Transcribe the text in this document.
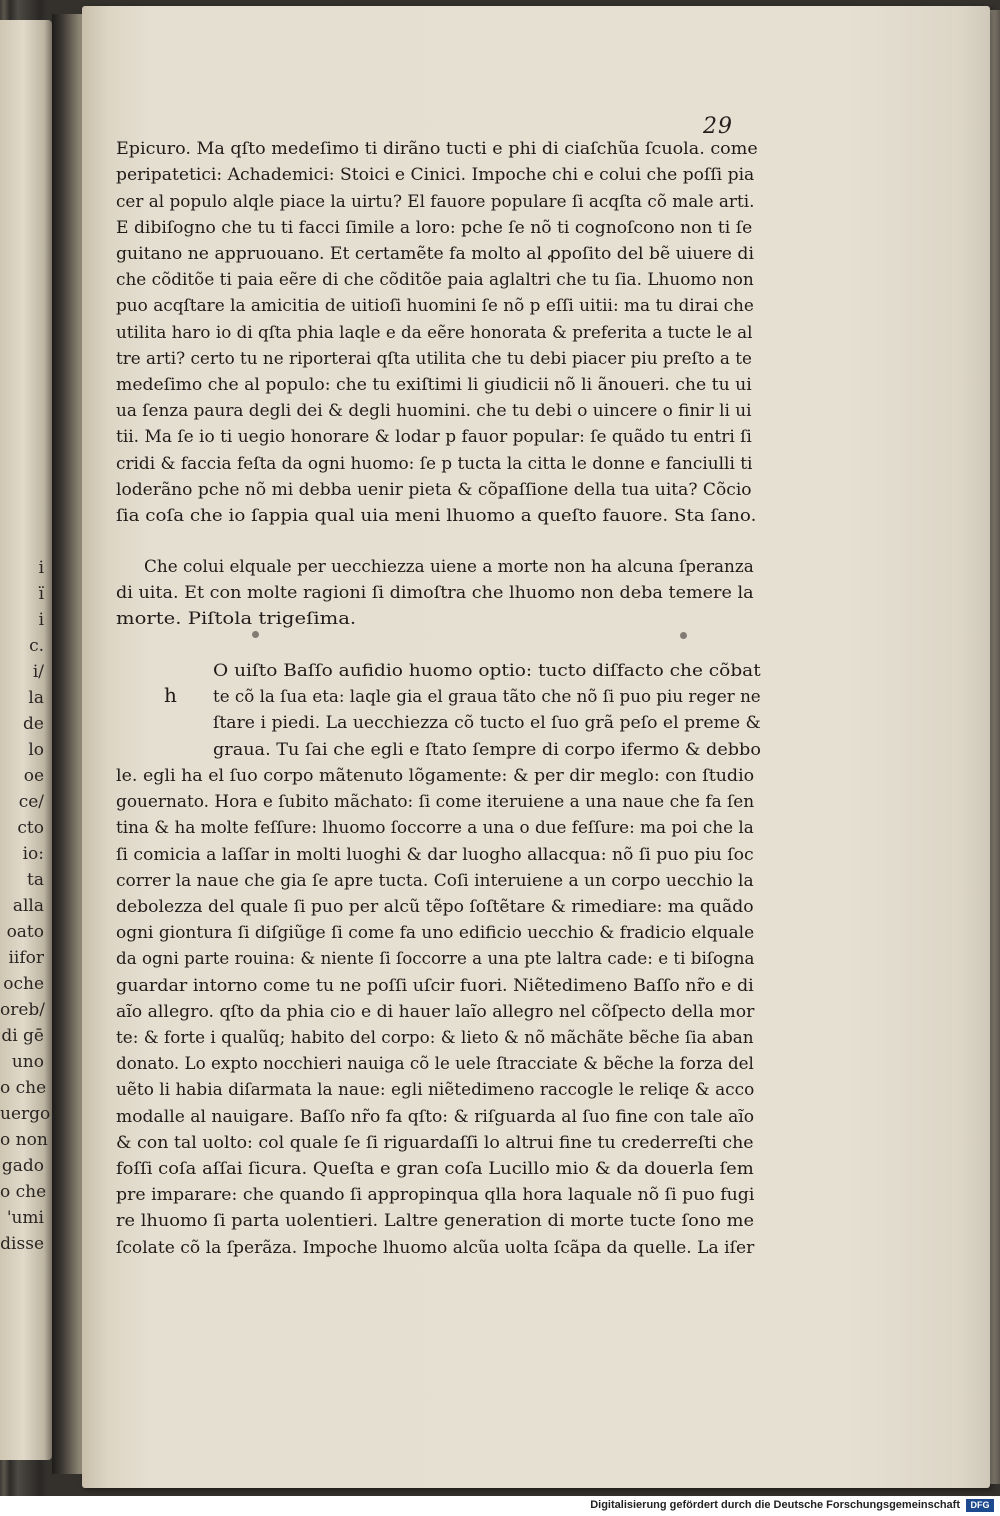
i
ï
i
c.
i/
la
de
lo
oe
ce/
cto
io:
ta
alla
oato
iifor
oche
oreb/
di gē
uno
o che
uergo
o non
gado
o che
'umi
disse
29
Epicuro. Ma qſto medeſimo ti dirãno tucti e phi di ciaſchũa ſcuola. come
peripatetici: Achademici: Stoici e Cinici. Impoche chi e colui che poſſi pia
cer al populo alqle piace la uirtu? El fauore populare ſi acqſta cõ male arti.
E dibiſogno che tu ti facci ſimile a loro: pche ſe nõ ti cognoſcono non ti ſe
guitano ne appruouano. Et certamẽte fa molto al ꝓpoſito del bẽ uiuere di
che cõditõe ti paia eẽre di che cõditõe paia aglaltri che tu ſia. Lhuomo non
puo acqſtare la amicitia de uitioſi huomini ſe nõ p eſſi uitii: ma tu dirai che
utilita haro io di qſta phia laqle e da eẽre honorata & preferita a tucte le al
tre arti? certo tu ne riporterai qſta utilita che tu debi piacer piu preſto a te
medeſimo che al populo: che tu exiſtimi li giudicii nõ li ãnoueri. che tu ui
ua ſenza paura degli dei & degli huomini. che tu debi o uincere o finir li ui
tii. Ma ſe io ti uegio honorare & lodar p fauor popular: ſe quãdo tu entri ſi
cridi & faccia feſta da ogni huomo: ſe p tucta la citta le donne e fanciulli ti
loderãno pche nõ mi debba uenir pieta & cõpaſſione della tua uita? Cõcio
ſia coſa che io ſappia qual uia meni lhuomo a queſto fauore. Sta ſano.
Che colui elquale per uecchiezza uiene a morte non ha alcuna ſperanza
di uita. Et con molte ragioni ſi dimoſtra che lhuomo non deba temere la
morte. Piſtola trigeſima.
O uiſto Baſſo aufidio huomo optio: tucto diſfacto che cõbat
te cõ la ſua eta: laqle gia el graua tãto che nõ ſi puo piu reger ne
ſtare i piedi. La uecchiezza cõ tucto el ſuo grã peſo el preme &
graua. Tu ſai che egli e ſtato ſempre di corpo ifermo & debbo
le. egli ha el ſuo corpo mãtenuto lõgamente: & per dir meglo: con ſtudio
gouernato. Hora e ſubito mãchato: ſi come iteruiene a una naue che fa ſen
tina & ha molte feſſure: lhuomo ſoccorre a una o due feſſure: ma poi che la
ſi comicia a laſſar in molti luoghi & dar luogho allacqua: nõ ſi puo piu ſoc
correr la naue che gia ſe apre tucta. Coſi interuiene a un corpo uecchio la
debolezza del quale ſi puo per alcũ tẽpo ſoſtẽtare & rimediare: ma quãdo
ogni giontura ſi diſgiũge ſi come fa uno edificio uecchio & fradicio elquale
da ogni parte rouina: & niente ſi ſoccorre a una pte laltra cade: e ti biſogna
guardar intorno come tu ne poſſi uſcir fuori. Niẽtedimeno Baſſo nr̃o e di
aĩo allegro. qſto da phia cio e di hauer laĩo allegro nel cõſpecto della mor
te: & forte i qualũq; habito del corpo: & lieto & nõ mãchãte bẽche ſia aban
donato. Lo expto nocchieri nauiga cõ le uele ſtracciate & bẽche la forza del
uẽto li habia diſarmata la naue: egli niẽtedimeno raccogle le reliqe & acco
modalle al nauigare. Baſſo nr̃o fa qſto: & riſguarda al ſuo fine con tale aĩo
& con tal uolto: col quale ſe ſi riguardaſſi lo altrui fine tu crederreſti che
foſſi coſa aſſai ſicura. Queſta e gran coſa Lucillo mio & da douerla ſem
pre imparare: che quando ſi appropinqua qlla hora laquale nõ ſi puo fugi
re lhuomo ſi parta uolentieri. Laltre generation di morte tucte ſono me
ſcolate cõ la ſperãza. Impoche lhuomo alcũa uolta ſcãpa da quelle. La iſer
h
Digitalisierung gefördert durch die Deutsche Forschungsgemeinschaft	DFG
